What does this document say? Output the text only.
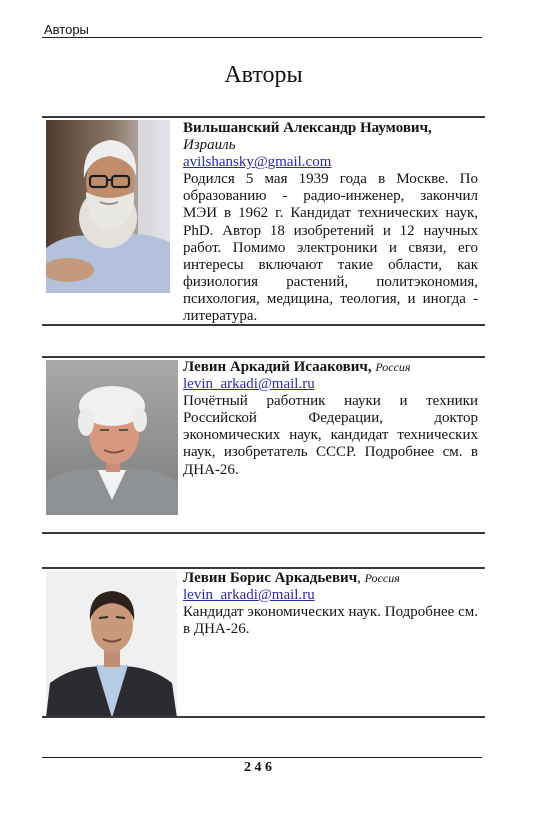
Авторы
Авторы
Вильшанский Александр Наумович,
Израиль
avilshansky@gmail.com

Родился 5 мая 1939 года в Москве. По образованию - радио-инженер, закончил МЭИ в 1962 г. Кандидат технических наук, PhD. Автор 18 изобретений и 12 научных работ. Помимо электроники и связи, его интересы включают такие области, как физиология растений, политэкономия, психология, медицина, теология, и иногда - литература.

Левин Аркадий Исаакович, Россия
levin_arkadi@mail.ru

Почётный работник науки и техники Российской Федерации, доктор экономических наук, кандидат технических наук, изобретатель СССР. Подробнее см. в ДНА-26.

Левин Борис Аркадьевич, Россия
levin_arkadi@mail.ru

Кандидат экономических наук. Подробнее см. в ДНА-26.

2 4 6
